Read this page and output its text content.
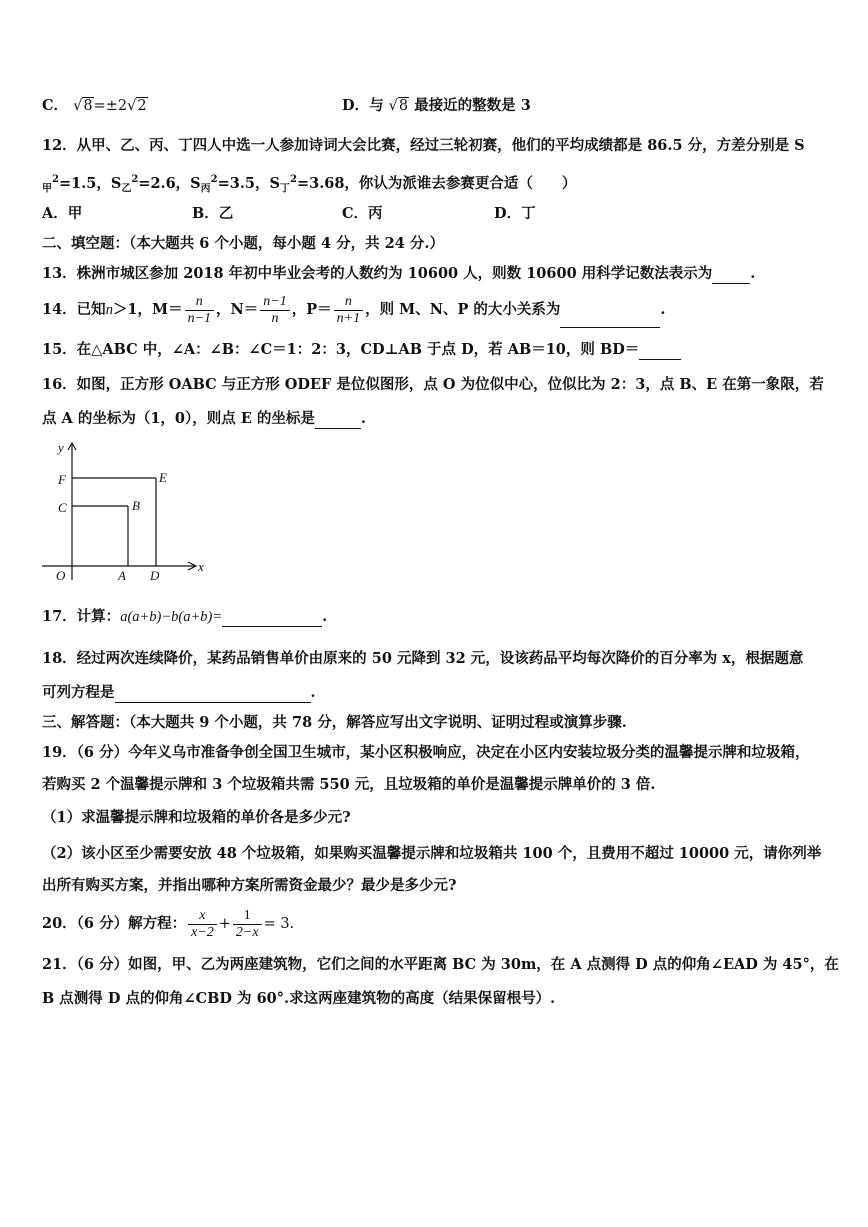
C． √8=±2√2	D．与 √8 最接近的整数是 3
12．从甲、乙、丙、丁四人中选一人参加诗词大会比赛，经过三轮初赛，他们的平均成绩都是 86.5 分，方差分别是 S
$_甲^2$=1.5，$S_乙^2=2.6$，$S_丙^2=3.5$，$S_丁^2=3.68$，你认为派谁去参赛更合适（　　）
A．甲	B．乙	C．丙	D．丁
二、填空题：（本大题共 6 个小题，每小题 4 分，共 24 分.）
13．株洲市城区参加 2018 年初中毕业会考的人数约为 10600 人，则数 10600 用科学记数法表示为	.
14．已知n＞1，$M= \frac{n}{n-1}$ ，$N= \frac{n-1}{n}$ ，$P= \frac{n}{n+1}$ ，则 M、N、P 的大小关系为	.
15．在△ABC 中，∠A：∠B：∠C＝1：2：3，CD⊥AB 于点 D，若 AB＝10，则 BD＝
16．如图，正方形 OABC 与正方形 ODEF 是位似图形，点 O 为位似中心，位似比为 2：3，点 B、E 在第一象限，若
点 A 的坐标为（1，0），则点 E 的坐标是	.
y
x
O	A D
B
C
E
F
17．计算：a(a+b)−b(a+b)=	.
18．经过两次连续降价，某药品销售单价由原来的 50 元降到 32 元，设该药品平均每次降价的百分率为 x，根据题意
可列方程是	.
三、解答题：（本大题共 9 个小题，共 78 分，解答应写出文字说明、证明过程或演算步骤.
19．（6 分）今年义乌市准备争创全国卫生城市，某小区积极响应，决定在小区内安装垃圾分类的温馨提示牌和垃圾箱，
若购买 2 个温馨提示牌和 3 个垃圾箱共需 550 元，且垃圾箱的单价是温馨提示牌单价的 3 倍.
（1）求温馨提示牌和垃圾箱的单价各是多少元?
（2）该小区至少需要安放 48 个垃圾箱，如果购买温馨提示牌和垃圾箱共 100 个，且费用不超过 10000 元，请你列举
出所有购买方案，并指出哪种方案所需资金最少？最少是多少元?
20．（6 分）解方程： $\frac{x}{x-2} + \frac{1}{2-x} = 3$.
21．（6 分）如图，甲、乙为两座建筑物，它们之间的水平距离 BC 为 30m，在 A 点测得 D 点的仰角∠EAD 为 45°，在
B 点测得 D 点的仰角∠CBD 为 60°.求这两座建筑物的高度（结果保留根号）.
